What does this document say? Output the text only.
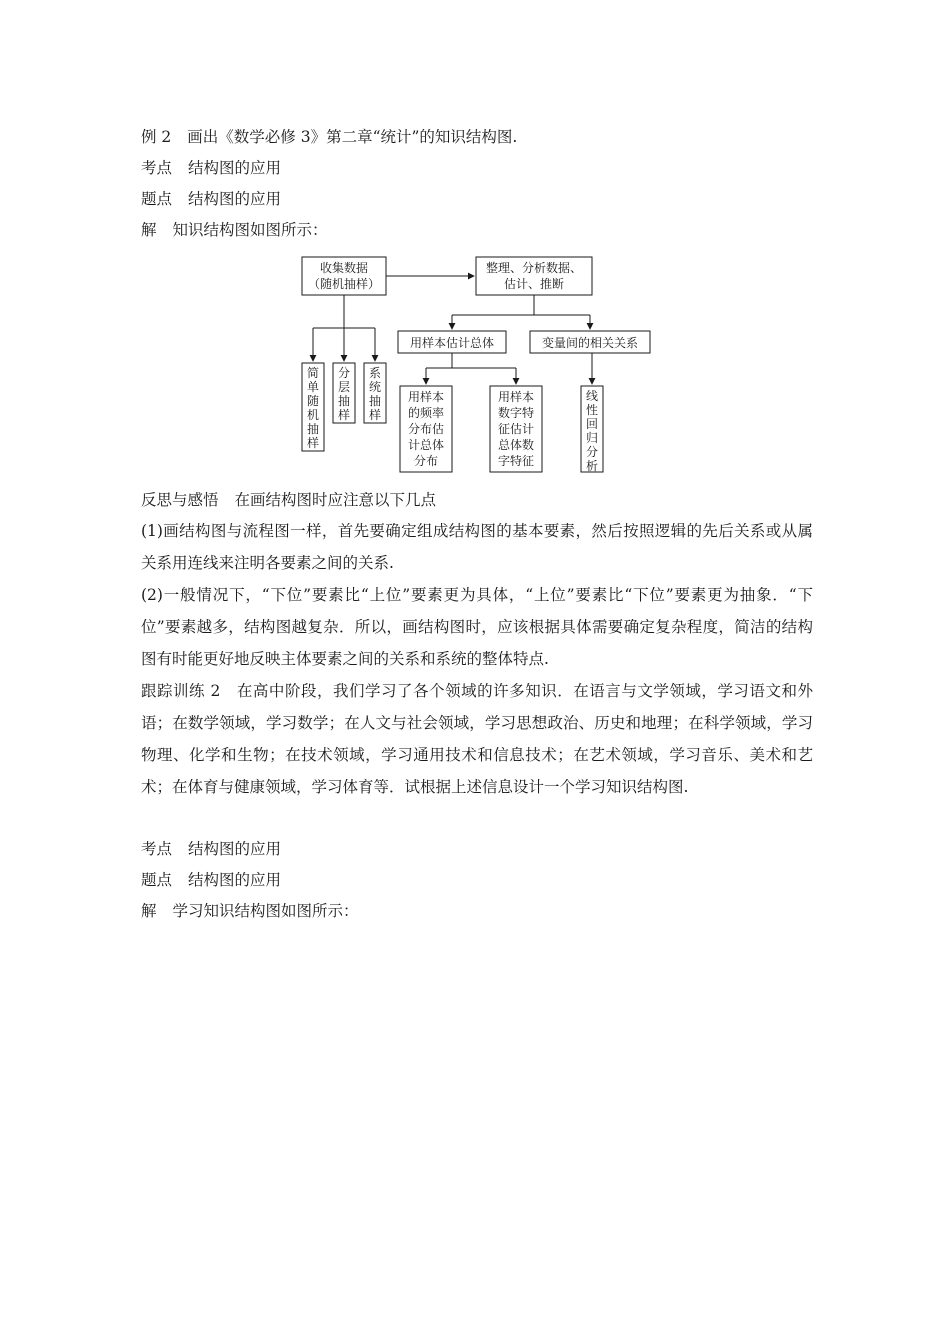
例 2 画出《数学必修 3》第二章“统计”的知识结构图.
考点 结构图的应用
题点 结构图的应用
解 知识结构图如图所示：
收集数据
（随机抽样）
整理、分析数据、
估计、推断
简
单
随
机
抽
样
分
层
抽
样
系
统
抽
样
用样本估计总体	变量间的相关关系
用样本
的频率
分布估
计总体
分布
用样本
数字特
征估计
总体数
字特征
线
性
回
归
分
析
反思与感悟 在画结构图时应注意以下几点
(1)画结构图与流程图一样，首先要确定组成结构图的基本要素，然后按照逻辑的先后关系或从属关系用连线来注明各要素之间的关系.
(2)一般情况下，“下位”要素比“上位”要素更为具体，“上位”要素比“下位”要素更为抽象．“下位”要素越多，结构图越复杂．所以，画结构图时，应该根据具体需要确定复杂程度，简洁的结构图有时能更好地反映主体要素之间的关系和系统的整体特点.
跟踪训练 2 在高中阶段，我们学习了各个领域的许多知识．在语言与文学领域，学习语文和外语；在数学领域，学习数学；在人文与社会领域，学习思想政治、历史和地理；在科学领域，学习物理、化学和生物；在技术领域，学习通用技术和信息技术；在艺术领域，学习音乐、美术和艺术；在体育与健康领域，学习体育等．试根据上述信息设计一个学习知识结构图.
考点 结构图的应用
题点 结构图的应用
解 学习知识结构图如图所示：
